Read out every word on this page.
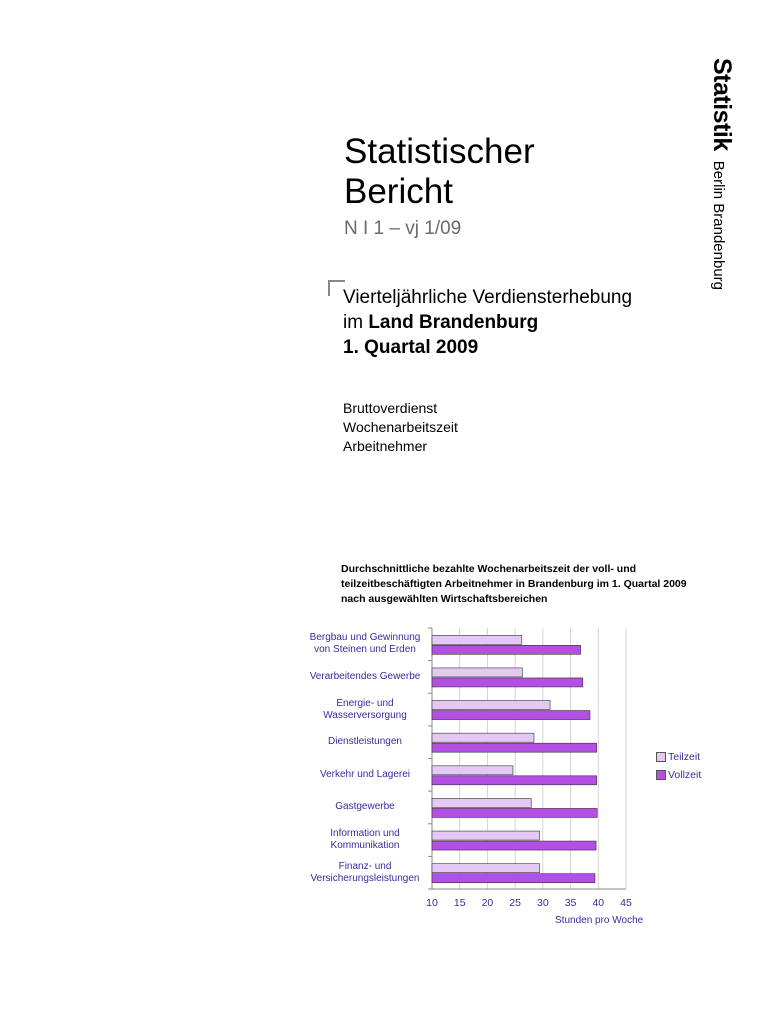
StatistikBerlin Brandenburg
Statistischer
Bericht
N I 1 – vj 1/09
Vierteljährliche Verdiensterhebung
im Land Brandenburg
1. Quartal 2009
Bruttoverdienst
Wochenarbeitszeit
Arbeitnehmer
Durchschnittliche bezahlte Wochenarbeitszeit der voll- und teilzeitbeschäftigten Arbeitnehmer in Brandenburg im 1. Quartal 2009 nach ausgewählten Wirtschaftsbereichen
Bergbau und Gewinnung
von Steinen und Erden
Verarbeitendes Gewerbe
Energie- und
Wasserversorgung
Dienstleistungen
Verkehr und Lagerei
Gastgewerbe
Information und
Kommunikation
Finanz- und
Versicherungsleistungen
10 15 20 25 30 35 40 45
Stunden pro Woche
Teilzeit
Vollzeit
